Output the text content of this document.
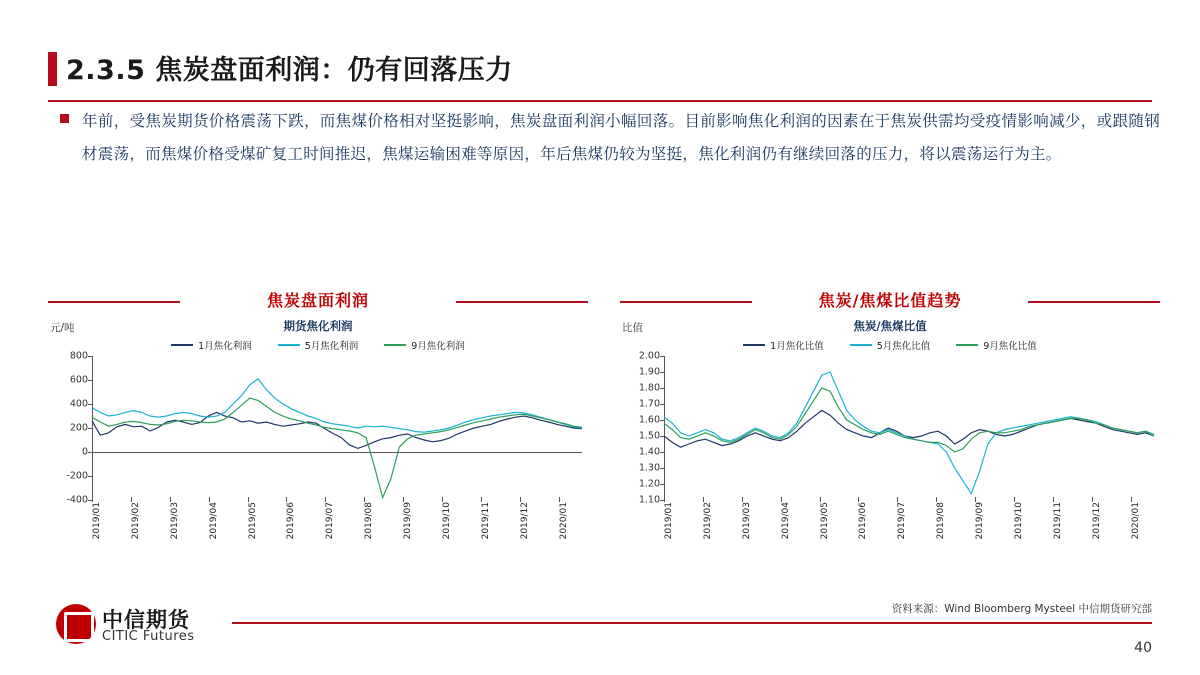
2.3.5 焦炭盘面利润：仍有回落压力
年前，受焦炭期货价格震荡下跌，而焦煤价格相对坚挺影响，焦炭盘面利润小幅回落。目前影响焦化利润的因素在于焦炭供需均受疫情影响减少，或跟随钢材震荡，而焦煤价格受煤矿复工时间推迟，焦煤运输困难等原因，年后焦煤仍较为坚挺，焦化利润仍有继续回落的压力，将以震荡运行为主。
焦炭盘面利润
元/吨	期货焦化利润
1月焦化利润	5月焦化利润	9月焦化利润
-400
-200
0
200
400
600
800
2019/01	2019/02	2019/03	2019/04	2019/05	2019/06	2019/07	2019/08	2019/09	2019/10	2019/11	2019/12	2020/01
焦炭/焦煤比值趋势
比值	焦炭/焦煤比值
1月焦化比值	5月焦化比值	9月焦化比值
1.10
1.20
1.30
1.40
1.50
1.60
1.70
1.80
1.90
2.00
2019/01	2019/02	2019/03	2019/04	2019/05	2019/06	2019/07	2019/08	2019/09	2019/10	2019/11	2019/12	2020/01
中信期货
CITIC Futures
资料来源：Wind Bloomberg Mysteel 中信期货研究部
40
